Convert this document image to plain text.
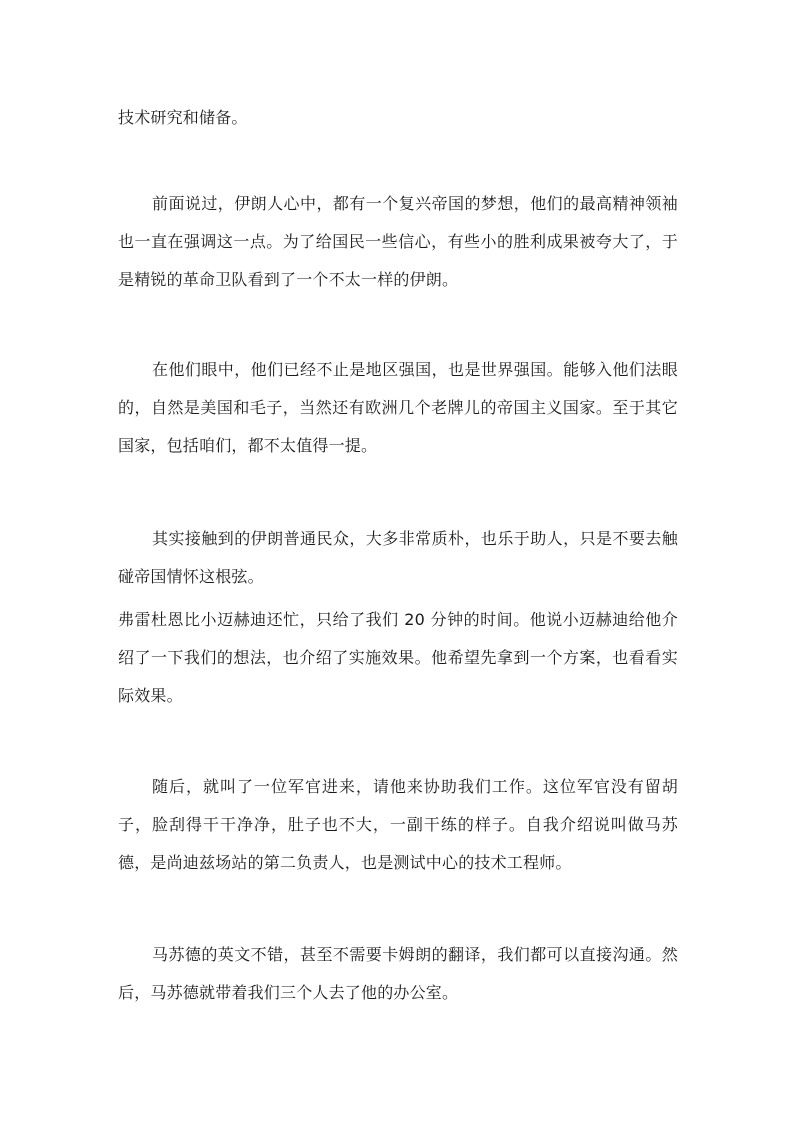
技术研究和储备。

前面说过，伊朗人心中，都有一个复兴帝国的梦想，他们的最高精神领袖也一直在强调这一点。为了给国民一些信心，有些小的胜利成果被夸大了，于是精锐的革命卫队看到了一个不太一样的伊朗。

在他们眼中，他们已经不止是地区强国，也是世界强国。能够入他们法眼的，自然是美国和毛子，当然还有欧洲几个老牌儿的帝国主义国家。至于其它国家，包括咱们，都不太值得一提。

其实接触到的伊朗普通民众，大多非常质朴，也乐于助人，只是不要去触碰帝国情怀这根弦。

弗雷杜恩比小迈赫迪还忙，只给了我们 20 分钟的时间。他说小迈赫迪给他介绍了一下我们的想法，也介绍了实施效果。他希望先拿到一个方案，也看看实际效果。

随后，就叫了一位军官进来，请他来协助我们工作。这位军官没有留胡子，脸刮得干干净净，肚子也不大，一副干练的样子。自我介绍说叫做马苏德，是尚迪兹场站的第二负责人，也是测试中心的技术工程师。

马苏德的英文不错，甚至不需要卡姆朗的翻译，我们都可以直接沟通。然后，马苏德就带着我们三个人去了他的办公室。
